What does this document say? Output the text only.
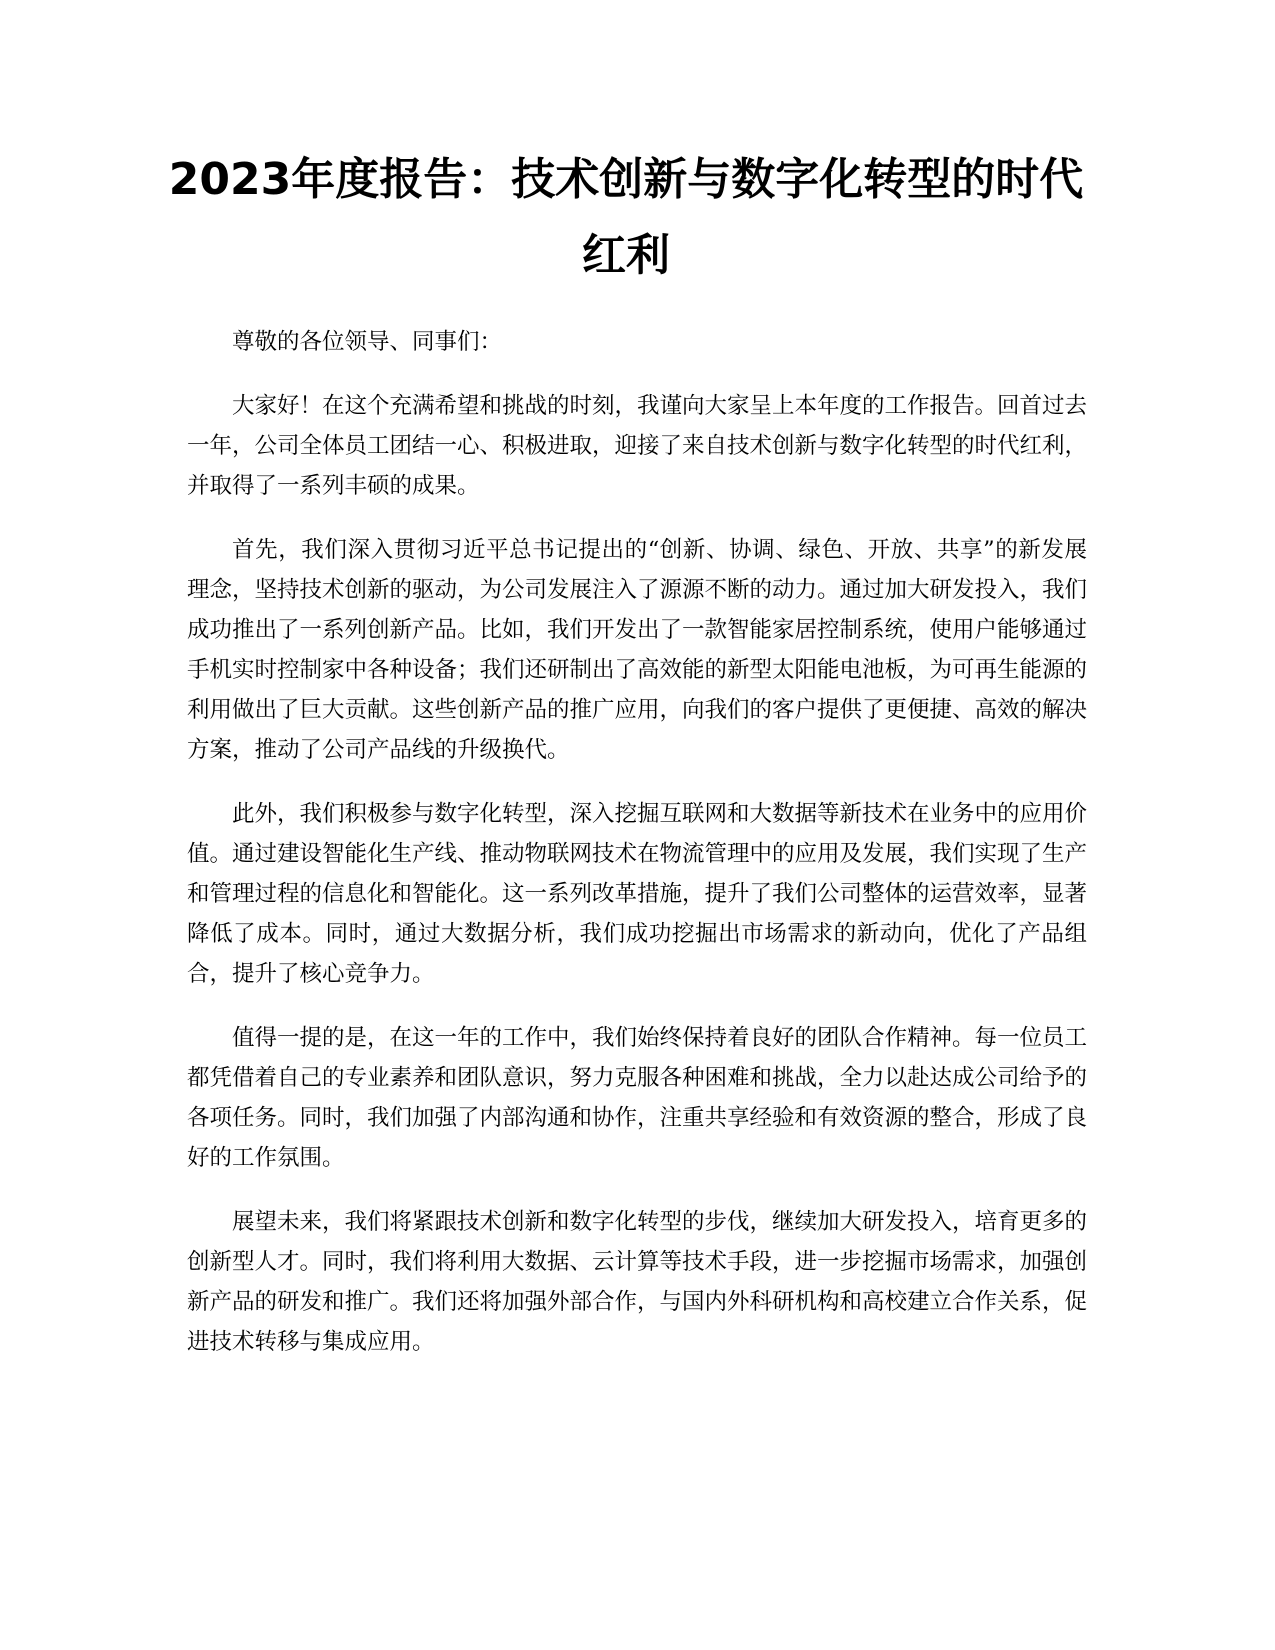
2023年度报告：技术创新与数字化转型的时代红利

尊敬的各位领导、同事们：

大家好！在这个充满希望和挑战的时刻，我谨向大家呈上本年度的工作报告。回首过去一年，公司全体员工团结一心、积极进取，迎接了来自技术创新与数字化转型的时代红利，并取得了一系列丰硕的成果。

首先，我们深入贯彻习近平总书记提出的“创新、协调、绿色、开放、共享”的新发展理念，坚持技术创新的驱动，为公司发展注入了源源不断的动力。通过加大研发投入，我们成功推出了一系列创新产品。比如，我们开发出了一款智能家居控制系统，使用户能够通过手机实时控制家中各种设备；我们还研制出了高效能的新型太阳能电池板，为可再生能源的利用做出了巨大贡献。这些创新产品的推广应用，向我们的客户提供了更便捷、高效的解决方案，推动了公司产品线的升级换代。

此外，我们积极参与数字化转型，深入挖掘互联网和大数据等新技术在业务中的应用价值。通过建设智能化生产线、推动物联网技术在物流管理中的应用及发展，我们实现了生产和管理过程的信息化和智能化。这一系列改革措施，提升了我们公司整体的运营效率，显著降低了成本。同时，通过大数据分析，我们成功挖掘出市场需求的新动向，优化了产品组合，提升了核心竞争力。

值得一提的是，在这一年的工作中，我们始终保持着良好的团队合作精神。每一位员工都凭借着自己的专业素养和团队意识，努力克服各种困难和挑战，全力以赴达成公司给予的各项任务。同时，我们加强了内部沟通和协作，注重共享经验和有效资源的整合，形成了良好的工作氛围。

展望未来，我们将紧跟技术创新和数字化转型的步伐，继续加大研发投入，培育更多的创新型人才。同时，我们将利用大数据、云计算等技术手段，进一步挖掘市场需求，加强创新产品的研发和推广。我们还将加强外部合作，与国内外科研机构和高校建立合作关系，促进技术转移与集成应用。
